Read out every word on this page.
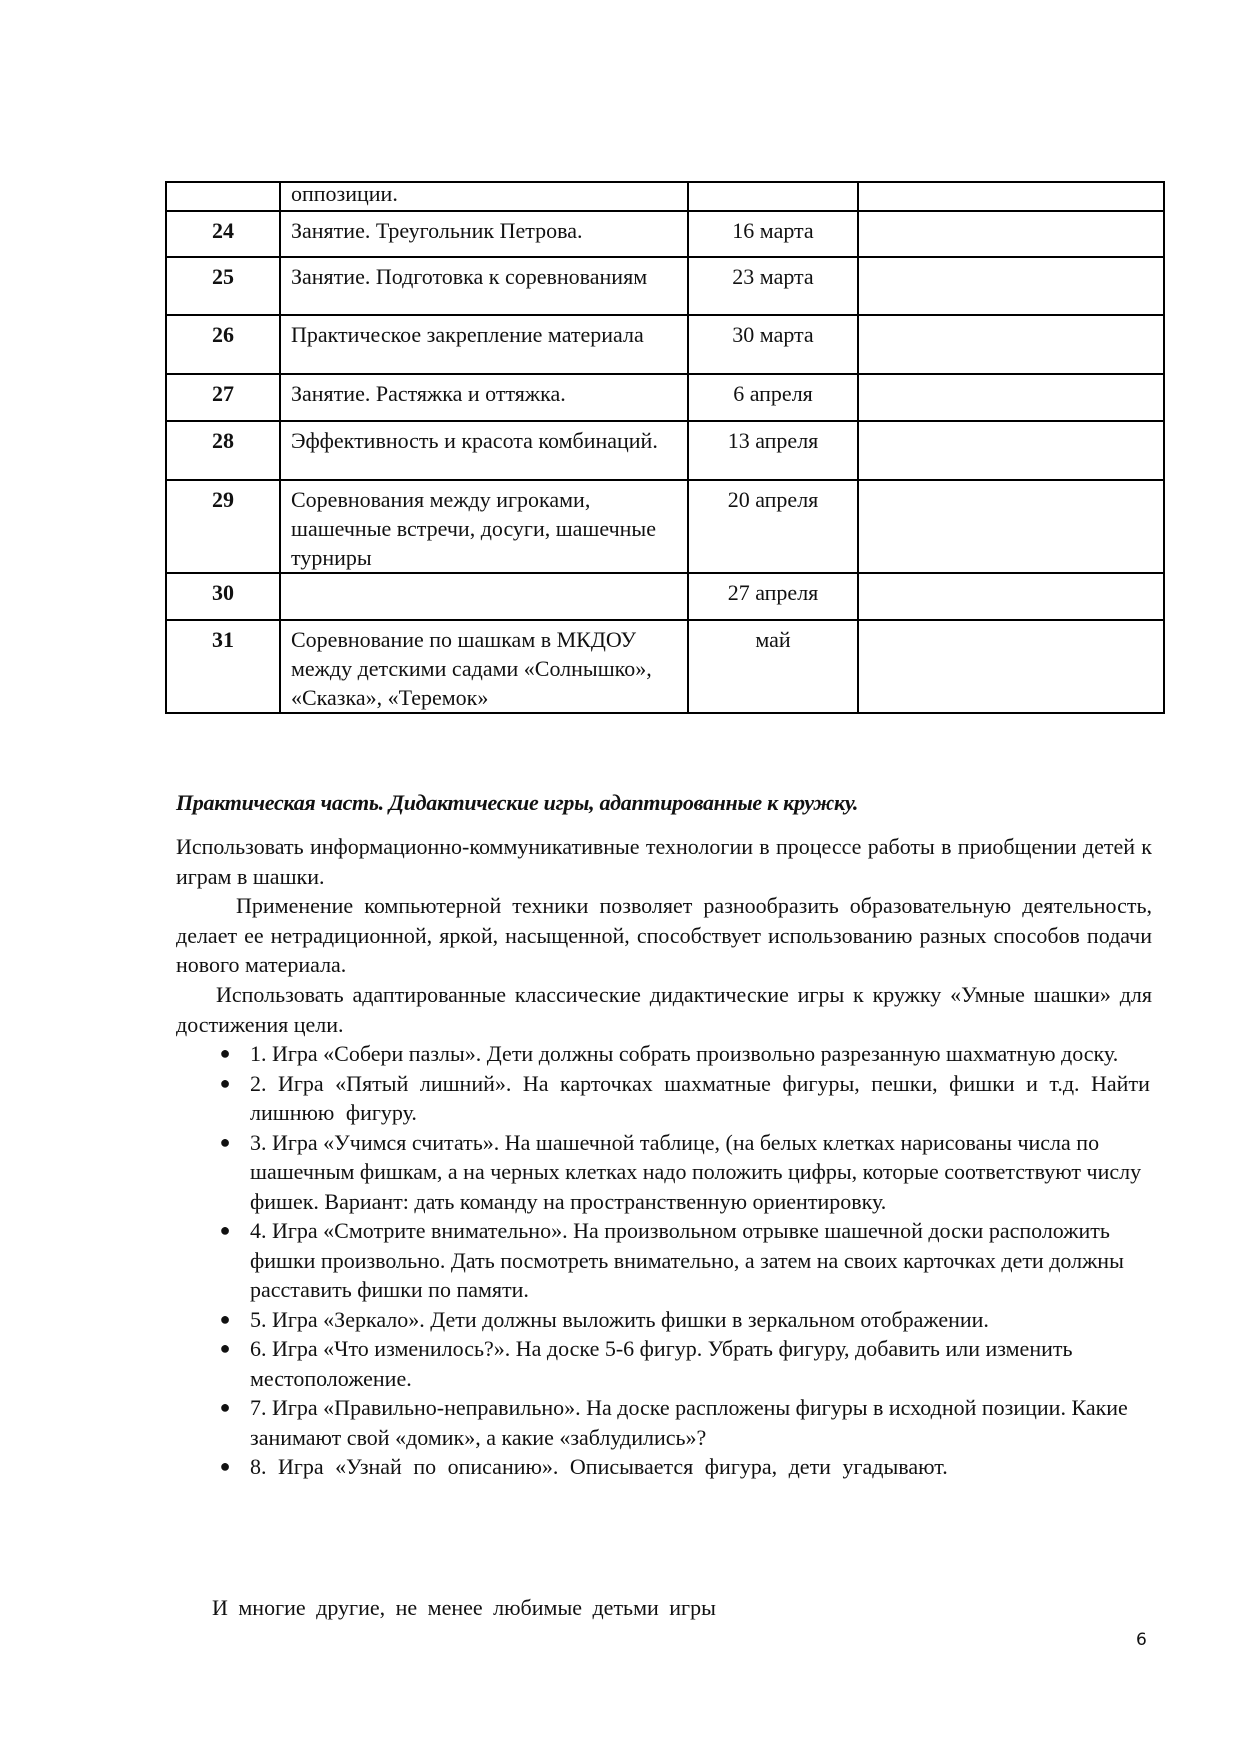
	оппозиции.		

24	Занятие. Треугольник Петрова.	16 марта	

25	Занятие. Подготовка к соревнованиям	23 марта	

26	Практическое закрепление материала	30 марта	

27	Занятие. Растяжка и оттяжка.	6 апреля	

28	Эффективность и красота комбинаций.	13 апреля	

29	Соревнования между игроками, шашечные встречи, досуги, шашечные турниры	20 апреля	

30		27 апреля	

31	Соревнование по шашкам в МКДОУ между детскими садами «Солнышко», «Сказка», «Теремок»	май	

Практическая часть. Дидактические игры, адаптированные к кружку.

Использовать информационно-коммуникативные технологии в процессе работы в приобщении детей к играм в шашки.

Применение компьютерной техники позволяет разнообразить образовательную деятельность, делает ее нетрадиционной, яркой, насыщенной, способствует использованию разных способов подачи нового материала.

Использовать адаптированные классические дидактические игры к кружку «Умные шашки» для достижения цели.

● 1. Игра «Собери пазлы». Дети должны собрать произвольно разрезанную шахматную доску.
● 2. Игра «Пятый лишний». На карточках шахматные фигуры, пешки, фишки и т.д. Найти лишнюю фигуру.
● 3. Игра «Учимся считать». На шашечной таблице, (на белых клетках нарисованы числа по шашечным фишкам, а на черных клетках надо положить цифры, которые соответствуют числу фишек. Вариант: дать команду на пространственную ориентировку.
● 4. Игра «Смотрите внимательно». На произвольном отрывке шашечной доски расположить фишки произвольно. Дать посмотреть внимательно, а затем на своих карточках дети должны расставить фишки по памяти.
● 5. Игра «Зеркало». Дети должны выложить фишки в зеркальном отображении.
● 6. Игра «Что изменилось?». На доске 5-6 фигур. Убрать фигуру, добавить или изменить местоположение.
● 7. Игра «Правильно-неправильно». На доске распложены фигуры в исходной позиции. Какие занимают свой «домик», а какие «заблудились»?
● 8. Игра «Узнай по описанию». Описывается фигура, дети угадывают.
И многие другие, не менее любимые детьми игры
6
